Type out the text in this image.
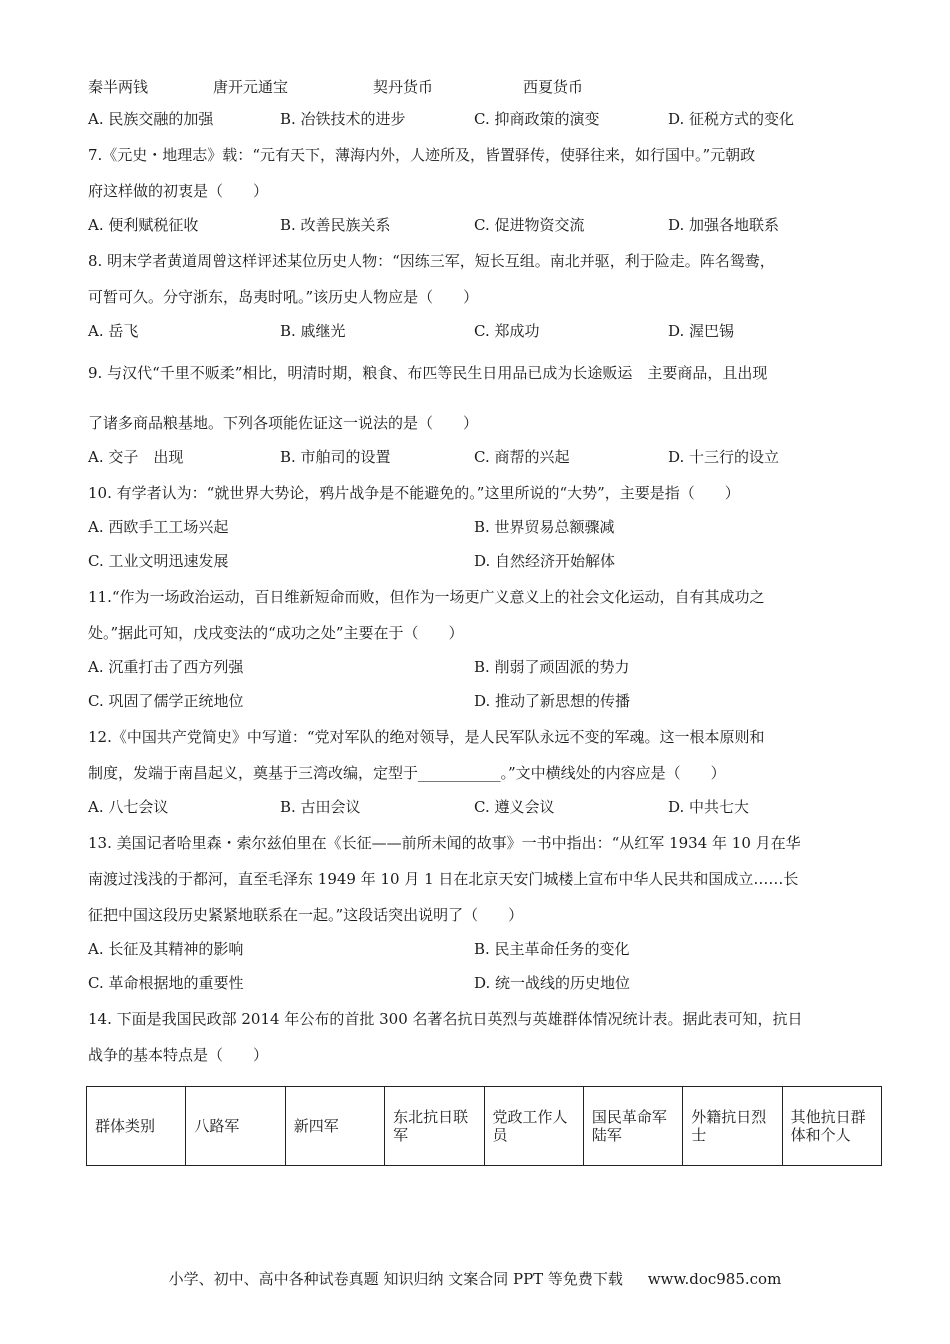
秦半两钱	唐开元通宝	契丹货币	西夏货币
A. 民族交融的加强	B. 冶铁技术的进步	C. 抑商政策的演变	D. 征税方式的变化
7.《元史・地理志》载：“元有天下，薄海内外，人迹所及，皆置驿传，使驿往来，如行国中。”元朝政
府这样做的初衷是（　　）
A. 便利赋税征收	B. 改善民族关系	C. 促进物资交流	D. 加强各地联系
8. 明末学者黄道周曾这样评述某位历史人物：“因练三军，短长互组。南北并驱，利于险走。阵名鸳鸯，
可暂可久。分守浙东，岛夷时吼。”该历史人物应是（　　）
A. 岳飞	B. 戚继光	C. 郑成功	D. 渥巴锡
9. 与汉代“千里不贩柔”相比，明清时期，粮食、布匹等民生日用品已成为长途贩运　主要商品，且出现
了诸多商品粮基地。下列各项能佐证这一说法的是（　　）
A. 交子　出现	B. 市舶司的设置	C. 商帮的兴起	D. 十三行的设立
10. 有学者认为：“就世界大势论，鸦片战争是不能避免的。”这里所说的“大势”，主要是指（　　）
A. 西欧手工工场兴起	B. 世界贸易总额骤减
C. 工业文明迅速发展	D. 自然经济开始解体
11.“作为一场政治运动，百日维新短命而败，但作为一场更广义意义上的社会文化运动，自有其成功之
处。”据此可知，戊戌变法的“成功之处”主要在于（　　）
A. 沉重打击了西方列强	B. 削弱了顽固派的势力
C. 巩固了儒学正统地位	D. 推动了新思想的传播
12.《中国共产党简史》中写道：“党对军队的绝对领导，是人民军队永远不变的军魂。这一根本原则和
制度，发端于南昌起义，奠基于三湾改编，定型于___________。”文中横线处的内容应是（　　）
A. 八七会议	B. 古田会议	C. 遵义会议	D. 中共七大
13. 美国记者哈里森・索尔兹伯里在《长征——前所未闻的故事》一书中指出：“从红军 1934 年 10 月在华
南渡过浅浅的于都河，直至毛泽东 1949 年 10 月 1 日在北京天安门城楼上宣布中华人民共和国成立……长
征把中国这段历史紧紧地联系在一起。”这段话突出说明了（　　）
A. 长征及其精神的影响	B. 民主革命任务的变化
C. 革命根据地的重要性	D. 统一战线的历史地位
14. 下面是我国民政部 2014 年公布的首批 300 名著名抗日英烈与英雄群体情况统计表。据此表可知，抗日
战争的基本特点是（　　）
群体类别	八路军	新四军	东北抗日联军	党政工作人员	国民革命军陆军	外籍抗日烈士	其他抗日群体和个人
小学、初中、高中各种试卷真题 知识归纳 文案合同 PPT 等免费下载 www.doc985.com
